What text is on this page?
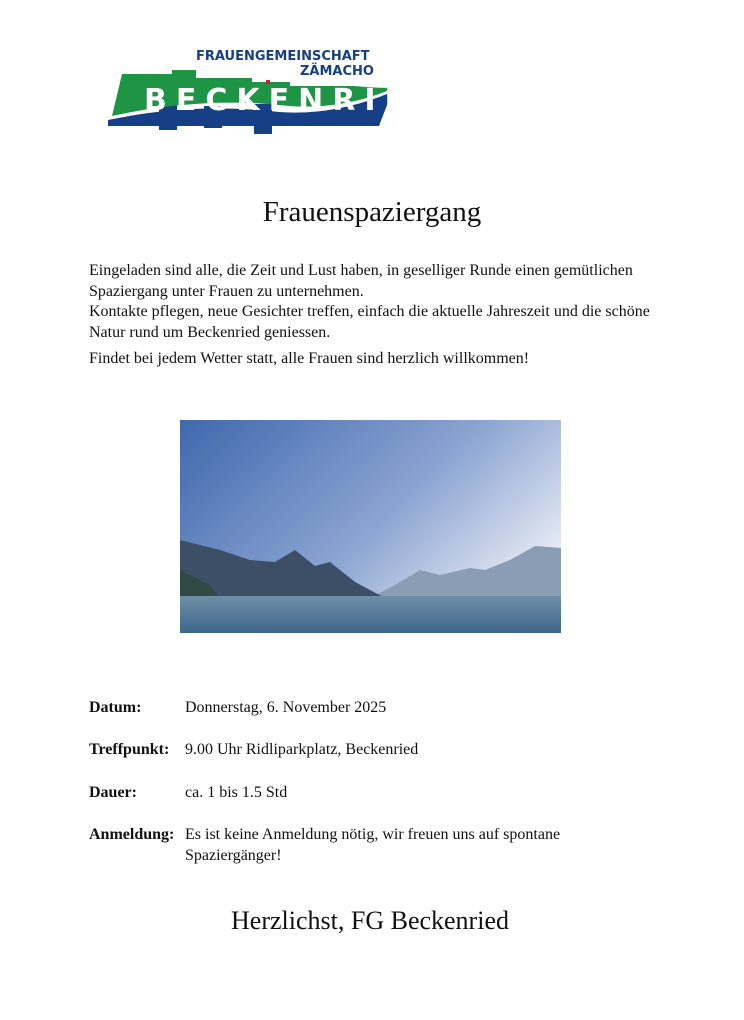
FRAUENGEMEINSCHAFT
ZÄMACHO
BECKENRIED
Frauenspaziergang

Eingeladen sind alle, die Zeit und Lust haben, in geselliger Runde einen gemütlichen Spaziergang unter Frauen zu unternehmen.

Kontakte pflegen, neue Gesichter treffen, einfach die aktuelle Jahreszeit und die schöne Natur rund um Beckenried geniessen.

Findet bei jedem Wetter statt, alle Frauen sind herzlich willkommen!

Datum:	Donnerstag, 6. November 2025
Treffpunkt: 9.00 Uhr Ridliparkplatz, Beckenried
Dauer:	ca. 1 bis 1.5 Std
Anmeldung: Es ist keine Anmeldung nötig, wir freuen uns auf spontane Spaziergänger!
Herzlichst, FG Beckenried
